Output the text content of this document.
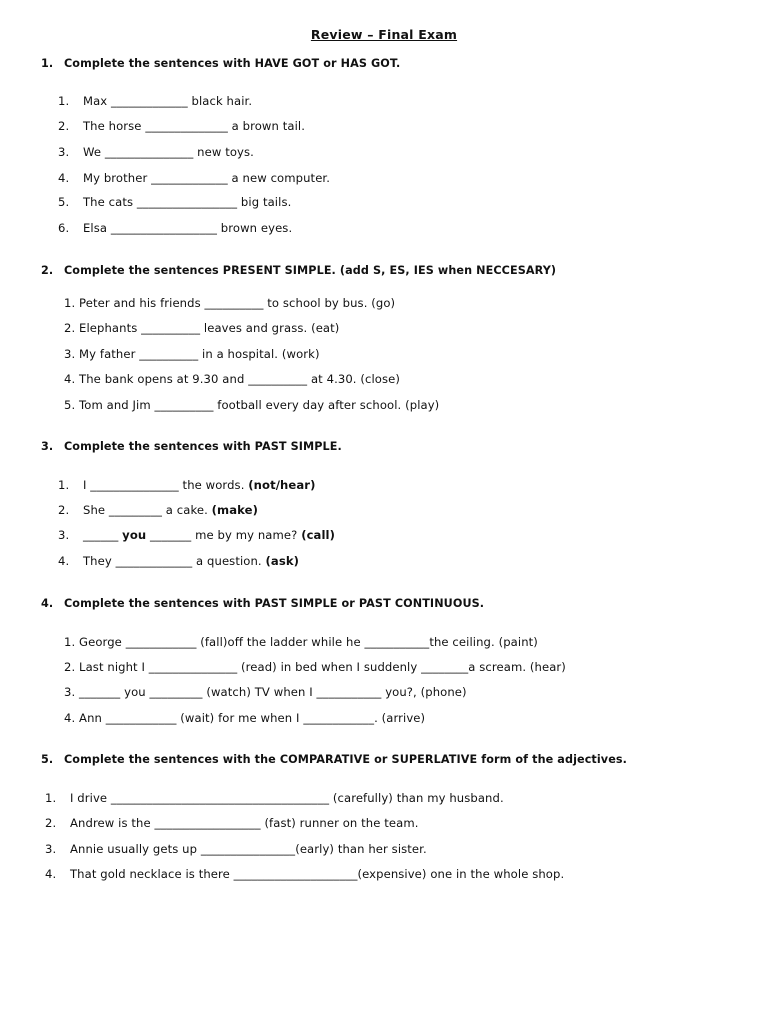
Review – Final Exam
1. Complete the sentences with HAVE GOT or HAS GOT.
1. Max _____________ black hair.
2. The horse ______________ a brown tail.
3. We _______________ new toys.
4. My brother _____________ a new computer.
5. The cats _________________ big tails.
6. Elsa __________________ brown eyes.
2. Complete the sentences PRESENT SIMPLE. (add S, ES, IES when NECCESARY)
1. Peter and his friends __________ to school by bus. (go)
2. Elephants __________ leaves and grass. (eat)
3. My father __________ in a hospital. (work)
4. The bank opens at 9.30 and __________ at 4.30. (close)
5. Tom and Jim __________ football every day after school. (play)
3. Complete the sentences with PAST SIMPLE.
1. I _______________ the words. (not/hear)
2. She _________ a cake. (make)
3. ______ you _______ me by my name? (call)
4. They _____________ a question. (ask)
4. Complete the sentences with PAST SIMPLE or PAST CONTINUOUS.
1. George ____________ (fall)off the ladder while he ___________the ceiling. (paint)
2. Last night I _______________ (read) in bed when I suddenly ________a scream. (hear)
3. _______ you _________ (watch) TV when I ___________ you?, (phone)
4. Ann ____________ (wait) for me when I ____________. (arrive)
5. Complete the sentences with the COMPARATIVE or SUPERLATIVE form of the adjectives.
1. I drive _____________________________________ (carefully) than my husband.
2. Andrew is the __________________ (fast) runner on the team.
3. Annie usually gets up ________________(early) than her sister.
4. That gold necklace is there _____________________(expensive) one in the whole shop.
